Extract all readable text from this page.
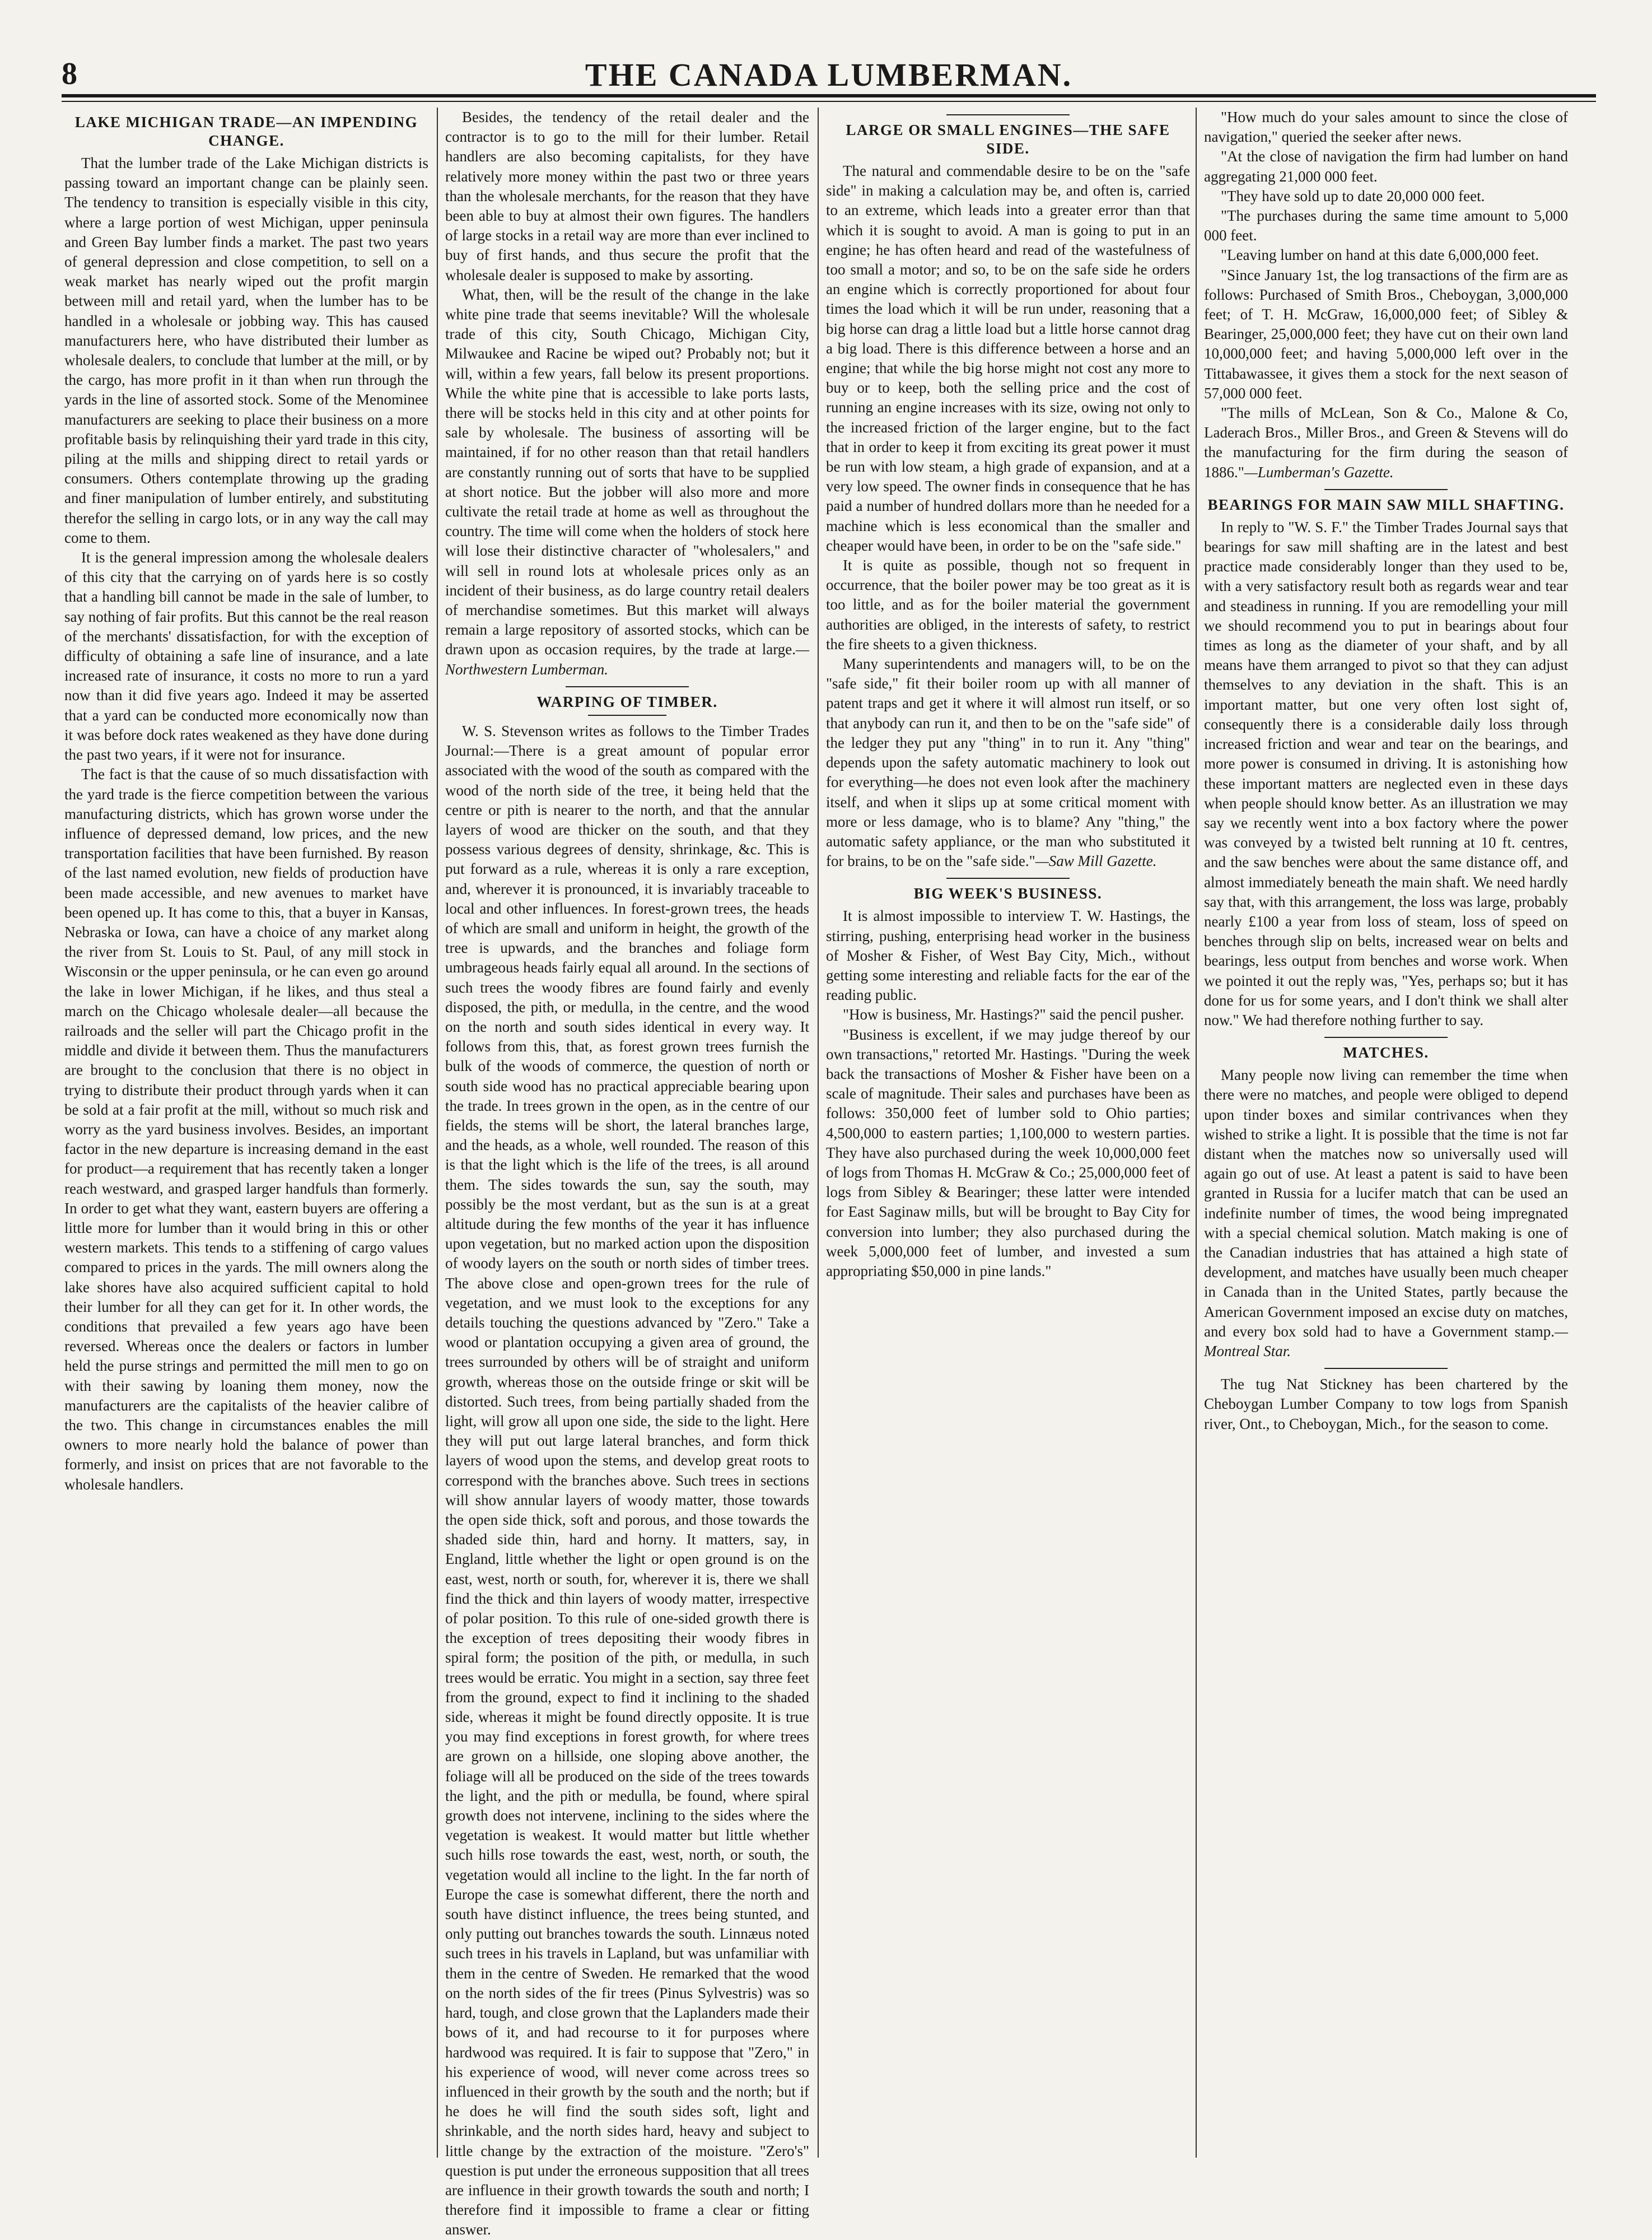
8	THE CANADA LUMBERMAN.
LAKE MICHIGAN TRADE—AN IMPENDING CHANGE.

That the lumber trade of the Lake Michigan districts is passing toward an important change can be plainly seen. The tendency to transition is especially visible in this city, where a large portion of west Michigan, upper peninsula and Green Bay lumber finds a market. The past two years of general depression and close competition, to sell on a weak market has nearly wiped out the profit margin between mill and retail yard, when the lumber has to be handled in a wholesale or jobbing way. This has caused manufacturers here, who have distributed their lumber as wholesale dealers, to conclude that lumber at the mill, or by the cargo, has more profit in it than when run through the yards in the line of assorted stock. Some of the Menominee manufacturers are seeking to place their business on a more profitable basis by relinquishing their yard trade in this city, piling at the mills and shipping direct to retail yards or consumers. Others contemplate throwing up the grading and finer manipulation of lumber entirely, and substituting therefor the selling in cargo lots, or in any way the call may come to them.

It is the general impression among the wholesale dealers of this city that the carrying on of yards here is so costly that a handling bill cannot be made in the sale of lumber, to say nothing of fair profits. But this cannot be the real reason of the merchants' dissatisfaction, for with the exception of difficulty of obtaining a safe line of insurance, and a late increased rate of insurance, it costs no more to run a yard now than it did five years ago. Indeed it may be asserted that a yard can be conducted more economically now than it was before dock rates weakened as they have done during the past two years, if it were not for insurance.

The fact is that the cause of so much dissatisfaction with the yard trade is the fierce competition between the various manufacturing districts, which has grown worse under the influence of depressed demand, low prices, and the new transportation facilities that have been furnished. By reason of the last named evolution, new fields of production have been made accessible, and new avenues to market have been opened up. It has come to this, that a buyer in Kansas, Nebraska or Iowa, can have a choice of any market along the river from St. Louis to St. Paul, of any mill stock in Wisconsin or the upper peninsula, or he can even go around the lake in lower Michigan, if he likes, and thus steal a march on the Chicago wholesale dealer—all because the railroads and the seller will part the Chicago profit in the middle and divide it between them. Thus the manufacturers are brought to the conclusion that there is no object in trying to distribute their product through yards when it can be sold at a fair profit at the mill, without so much risk and worry as the yard business involves. Besides, an important factor in the new departure is increasing demand in the east for product—a requirement that has recently taken a longer reach westward, and grasped larger handfuls than formerly. In order to get what they want, eastern buyers are offering a little more for lumber than it would bring in this or other western markets. This tends to a stiffening of cargo values compared to prices in the yards. The mill owners along the lake shores have also acquired sufficient capital to hold their lumber for all they can get for it. In other words, the conditions that prevailed a few years ago have been reversed. Whereas once the dealers or factors in lumber held the purse strings and permitted the mill men to go on with their sawing by loaning them money, now the manufacturers are the capitalists of the heavier calibre of the two. This change in circumstances enables the mill owners to more nearly hold the balance of power than formerly, and insist on prices that are not favorable to the wholesale handlers.

Besides, the tendency of the retail dealer and the contractor is to go to the mill for their lumber. Retail handlers are also becoming capitalists, for they have relatively more money within the past two or three years than the wholesale merchants, for the reason that they have been able to buy at almost their own figures. The handlers of large stocks in a retail way are more than ever inclined to buy of first hands, and thus secure the profit that the wholesale dealer is supposed to make by assorting.

What, then, will be the result of the change in the lake white pine trade that seems inevitable? Will the wholesale trade of this city, South Chicago, Michigan City, Milwaukee and Racine be wiped out? Probably not; but it will, within a few years, fall below its present proportions. While the white pine that is accessible to lake ports lasts, there will be stocks held in this city and at other points for sale by wholesale. The business of assorting will be maintained, if for no other reason than that retail handlers are constantly running out of sorts that have to be supplied at short notice. But the jobber will also more and more cultivate the retail trade at home as well as throughout the country. The time will come when the holders of stock here will lose their distinctive character of "wholesalers," and will sell in round lots at wholesale prices only as an incident of their business, as do large country retail dealers of merchandise sometimes. But this market will always remain a large repository of assorted stocks, which can be drawn upon as occasion requires, by the trade at large.—Northwestern Lumberman.

WARPING OF TIMBER.

W. S. Stevenson writes as follows to the Timber Trades Journal:—There is a great amount of popular error associated with the wood of the south as compared with the wood of the north side of the tree, it being held that the centre or pith is nearer to the north, and that the annular layers of wood are thicker on the south, and that they possess various degrees of density, shrinkage, &c. This is put forward as a rule, whereas it is only a rare exception, and, wherever it is pronounced, it is invariably traceable to local and other influences. In forest-grown trees, the heads of which are small and uniform in height, the growth of the tree is upwards, and the branches and foliage form umbrageous heads fairly equal all around. In the sections of such trees the woody fibres are found fairly and evenly disposed, the pith, or medulla, in the centre, and the wood on the north and south sides identical in every way. It follows from this, that, as forest grown trees furnish the bulk of the woods of commerce, the question of north or south side wood has no practical appreciable bearing upon the trade. In trees grown in the open, as in the centre of our fields, the stems will be short, the lateral branches large, and the heads, as a whole, well rounded. The reason of this is that the light which is the life of the trees, is all around them. The sides towards the sun, say the south, may possibly be the most verdant, but as the sun is at a great altitude during the few months of the year it has influence upon vegetation, but no marked action upon the disposition of woody layers on the south or north sides of timber trees. The above close and open-grown trees for the rule of vegetation, and we must look to the exceptions for any details touching the questions advanced by "Zero." Take a wood or plantation occupying a given area of ground, the trees surrounded by others will be of straight and uniform growth, whereas those on the outside fringe or skit will be distorted. Such trees, from being partially shaded from the light, will grow all upon one side, the side to the light. Here they will put out large lateral branches, and form thick layers of wood upon the stems, and develop great roots to correspond with the branches above. Such trees in sections will show annular layers of woody matter, those towards the open side thick, soft and porous, and those towards the shaded side thin, hard and horny. It matters, say, in England, little whether the light or open ground is on the east, west, north or south, for, wherever it is, there we shall find the thick and thin layers of woody matter, irrespective of polar position. To this rule of one-sided growth there is the exception of trees depositing their woody fibres in spiral form; the position of the pith, or medulla, in such trees would be erratic. You might in a section, say three feet from the ground, expect to find it inclining to the shaded side, whereas it might be found directly opposite. It is true you may find exceptions in forest growth, for where trees are grown on a hillside, one sloping above another, the foliage will all be produced on the side of the trees towards the light, and the pith or medulla, be found, where spiral growth does not intervene, inclining to the sides where the vegetation is weakest. It would matter but little whether such hills rose towards the east, west, north, or south, the vegetation would all incline to the light. In the far north of Europe the case is somewhat different, there the north and south have distinct influence, the trees being stunted, and only putting out branches towards the south. Linnæus noted such trees in his travels in Lapland, but was unfamiliar with them in the centre of Sweden. He remarked that the wood on the north sides of the fir trees (Pinus Sylvestris) was so hard, tough, and close grown that the Laplanders made their bows of it, and had recourse to it for purposes where hardwood was required. It is fair to suppose that "Zero," in his experience of wood, will never come across trees so influenced in their growth by the south and the north; but if he does he will find the south sides soft, light and shrinkable, and the north sides hard, heavy and subject to little change by the extraction of the moisture. "Zero's" question is put under the erroneous supposition that all trees are influence in their growth towards the south and north; I therefore find it impossible to frame a clear or fitting answer.

LARGE OR SMALL ENGINES—THE SAFE SIDE.

The natural and commendable desire to be on the "safe side" in making a calculation may be, and often is, carried to an extreme, which leads into a greater error than that which it is sought to avoid. A man is going to put in an engine; he has often heard and read of the wastefulness of too small a motor; and so, to be on the safe side he orders an engine which is correctly proportioned for about four times the load which it will be run under, reasoning that a big horse can drag a little load but a little horse cannot drag a big load. There is this difference between a horse and an engine; that while the big horse might not cost any more to buy or to keep, both the selling price and the cost of running an engine increases with its size, owing not only to the increased friction of the larger engine, but to the fact that in order to keep it from exciting its great power it must be run with low steam, a high grade of expansion, and at a very low speed. The owner finds in consequence that he has paid a number of hundred dollars more than he needed for a machine which is less economical than the smaller and cheaper would have been, in order to be on the "safe side."

It is quite as possible, though not so frequent in occurrence, that the boiler power may be too great as it is too little, and as for the boiler material the government authorities are obliged, in the interests of safety, to restrict the fire sheets to a given thickness.

Many superintendents and managers will, to be on the "safe side," fit their boiler room up with all manner of patent traps and get it where it will almost run itself, or so that anybody can run it, and then to be on the "safe side" of the ledger they put any "thing" in to run it. Any "thing" depends upon the safety automatic machinery to look out for everything—he does not even look after the machinery itself, and when it slips up at some critical moment with more or less damage, who is to blame? Any "thing," the automatic safety appliance, or the man who substituted it for brains, to be on the "safe side."—Saw Mill Gazette.

BIG WEEK'S BUSINESS.

It is almost impossible to interview T. W. Hastings, the stirring, pushing, enterprising head worker in the business of Mosher & Fisher, of West Bay City, Mich., without getting some interesting and reliable facts for the ear of the reading public.

"How is business, Mr. Hastings?" said the pencil pusher.

"Business is excellent, if we may judge thereof by our own transactions," retorted Mr. Hastings. "During the week back the transactions of Mosher & Fisher have been on a scale of magnitude. Their sales and purchases have been as follows: 350,000 feet of lumber sold to Ohio parties; 4,500,000 to eastern parties; 1,100,000 to western parties. They have also purchased during the week 10,000,000 feet of logs from Thomas H. McGraw & Co.; 25,000,000 feet of logs from Sibley & Bearinger; these latter were intended for East Saginaw mills, but will be brought to Bay City for conversion into lumber; they also purchased during the week 5,000,000 feet of lumber, and invested a sum appropriating $50,000 in pine lands."

"How much do your sales amount to since the close of navigation," queried the seeker after news.

"At the close of navigation the firm had lumber on hand aggregating 21,000 000 feet.

"They have sold up to date 20,000 000 feet.

"The purchases during the same time amount to 5,000 000 feet.

"Leaving lumber on hand at this date 6,000,000 feet.

"Since January 1st, the log transactions of the firm are as follows: Purchased of Smith Bros., Cheboygan, 3,000,000 feet; of T. H. McGraw, 16,000,000 feet; of Sibley & Bearinger, 25,000,000 feet; they have cut on their own land 10,000,000 feet; and having 5,000,000 left over in the Tittabawassee, it gives them a stock for the next season of 57,000 000 feet.

"The mills of McLean, Son & Co., Malone & Co, Laderach Bros., Miller Bros., and Green & Stevens will do the manufacturing for the firm during the season of 1886."—Lumberman's Gazette.

BEARINGS FOR MAIN SAW MILL SHAFTING.

In reply to "W. S. F." the Timber Trades Journal says that bearings for saw mill shafting are in the latest and best practice made considerably longer than they used to be, with a very satisfactory result both as regards wear and tear and steadiness in running. If you are remodelling your mill we should recommend you to put in bearings about four times as long as the diameter of your shaft, and by all means have them arranged to pivot so that they can adjust themselves to any deviation in the shaft. This is an important matter, but one very often lost sight of, consequently there is a considerable daily loss through increased friction and wear and tear on the bearings, and more power is consumed in driving. It is astonishing how these important matters are neglected even in these days when people should know better. As an illustration we may say we recently went into a box factory where the power was conveyed by a twisted belt running at 10 ft. centres, and the saw benches were about the same distance off, and almost immediately beneath the main shaft. We need hardly say that, with this arrangement, the loss was large, probably nearly £100 a year from loss of steam, loss of speed on benches through slip on belts, increased wear on belts and bearings, less output from benches and worse work. When we pointed it out the reply was, "Yes, perhaps so; but it has done for us for some years, and I don't think we shall alter now." We had therefore nothing further to say.

MATCHES.

Many people now living can remember the time when there were no matches, and people were obliged to depend upon tinder boxes and similar contrivances when they wished to strike a light. It is possible that the time is not far distant when the matches now so universally used will again go out of use. At least a patent is said to have been granted in Russia for a lucifer match that can be used an indefinite number of times, the wood being impregnated with a special chemical solution. Match making is one of the Canadian industries that has attained a high state of development, and matches have usually been much cheaper in Canada than in the United States, partly because the American Government imposed an excise duty on matches, and every box sold had to have a Government stamp.—Montreal Star.

The tug Nat Stickney has been chartered by the Cheboygan Lumber Company to tow logs from Spanish river, Ont., to Cheboygan, Mich., for the season to come.
